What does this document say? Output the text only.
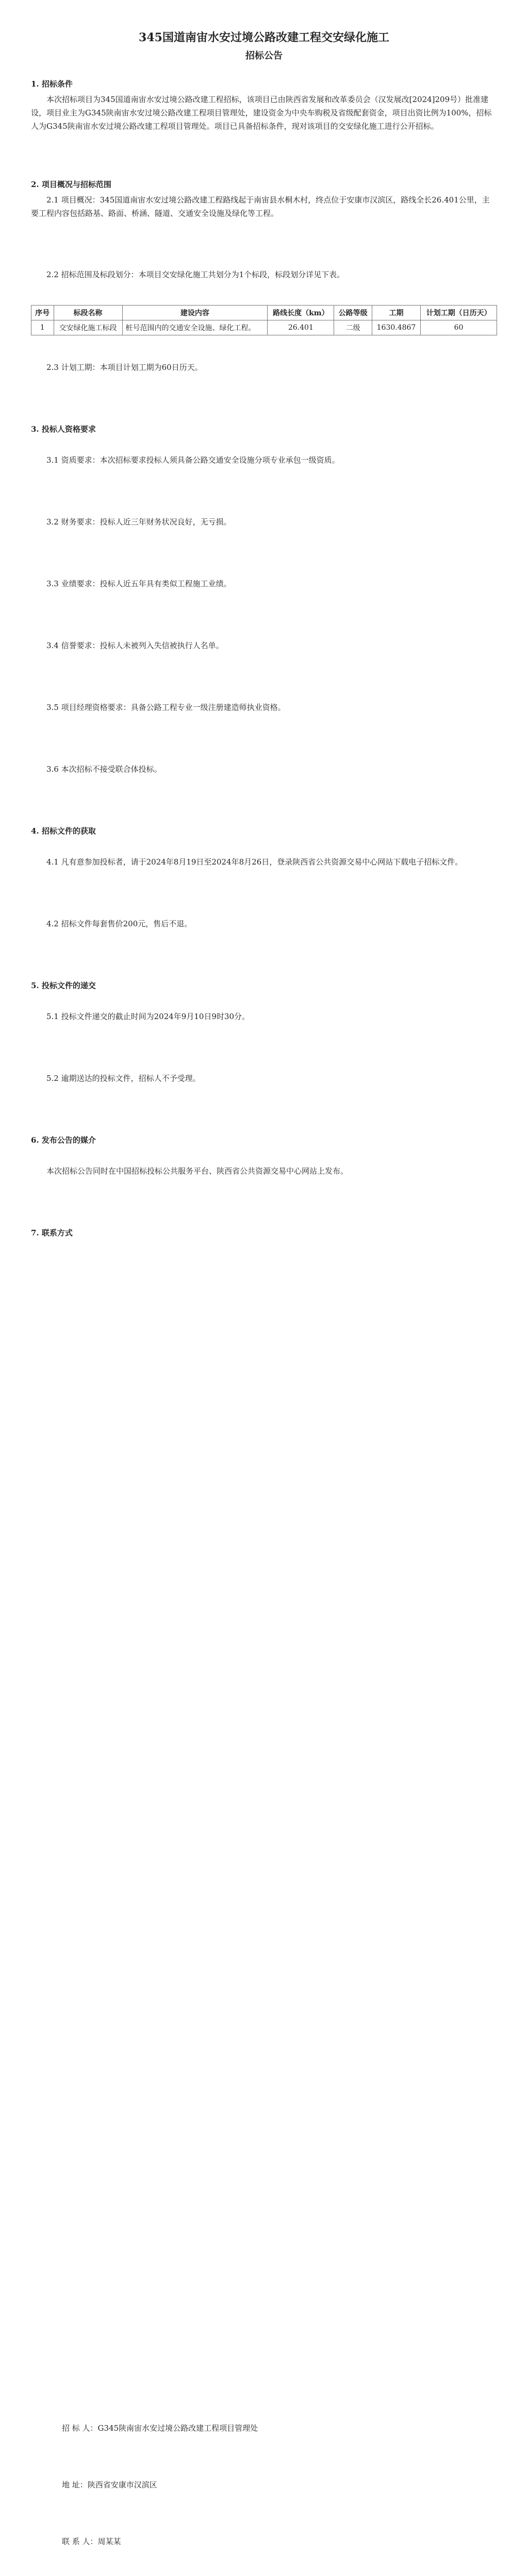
345国道南宙水安过境公路改建工程交安绿化施工
招标公告
1. 招标条件
本次招标项目为345国道南宙水安过境公路改建工程招标，该项目已由陕西省发展和改革委员会（汉发展改[2024]209号）批准建设，项目业主为G345陕南宙水安过境公路改建工程项目管理处，建设资金为中央车购税及省级配套资金，项目出资比例为100%，招标人为G345陕南宙水安过境公路改建工程项目管理处。项目已具备招标条件，现对该项目的交安绿化施工进行公开招标。
2. 项目概况与招标范围
2.1 项目概况：345国道南宙水安过境公路改建工程路线起于南宙县水桐木村，终点位于安康市汉滨区，路线全长26.401公里，主要工程内容包括路基、路面、桥涵、隧道、交通安全设施及绿化等工程。
2.2 招标范围及标段划分：本项目交安绿化施工共划分为1个标段，标段划分详见下表。
序号	标段名称	建设内容	路线长度（km）	公路等级	工期	计划工期（日历天）
1	交安绿化施工标段	桩号范围内的交通安全设施、绿化工程。	26.401	二级	1630.4867	60
2.3 计划工期：本项目计划工期为60日历天。
3. 投标人资格要求
3.1 资质要求：本次招标要求投标人须具备公路交通安全设施分项专业承包一级资质。
3.2 财务要求：投标人近三年财务状况良好，无亏损。
3.3 业绩要求：投标人近五年具有类似工程施工业绩。
3.4 信誉要求：投标人未被列入失信被执行人名单。
3.5 项目经理资格要求：具备公路工程专业一级注册建造师执业资格。
3.6 本次招标不接受联合体投标。
4. 招标文件的获取
4.1 凡有意参加投标者，请于2024年8月19日至2024年8月26日，登录陕西省公共资源交易中心网站下载电子招标文件。
4.2 招标文件每套售价200元，售后不退。
5. 投标文件的递交
5.1 投标文件递交的截止时间为2024年9月10日9时30分。
5.2 逾期送达的投标文件，招标人不予受理。
6. 发布公告的媒介
本次招标公告同时在中国招标投标公共服务平台、陕西省公共资源交易中心网站上发布。
7. 联系方式
招 标 人：G345陕南宙水安过境公路改建工程项目管理处
地 址：陕西省安康市汉滨区
联 系 人：周某某
